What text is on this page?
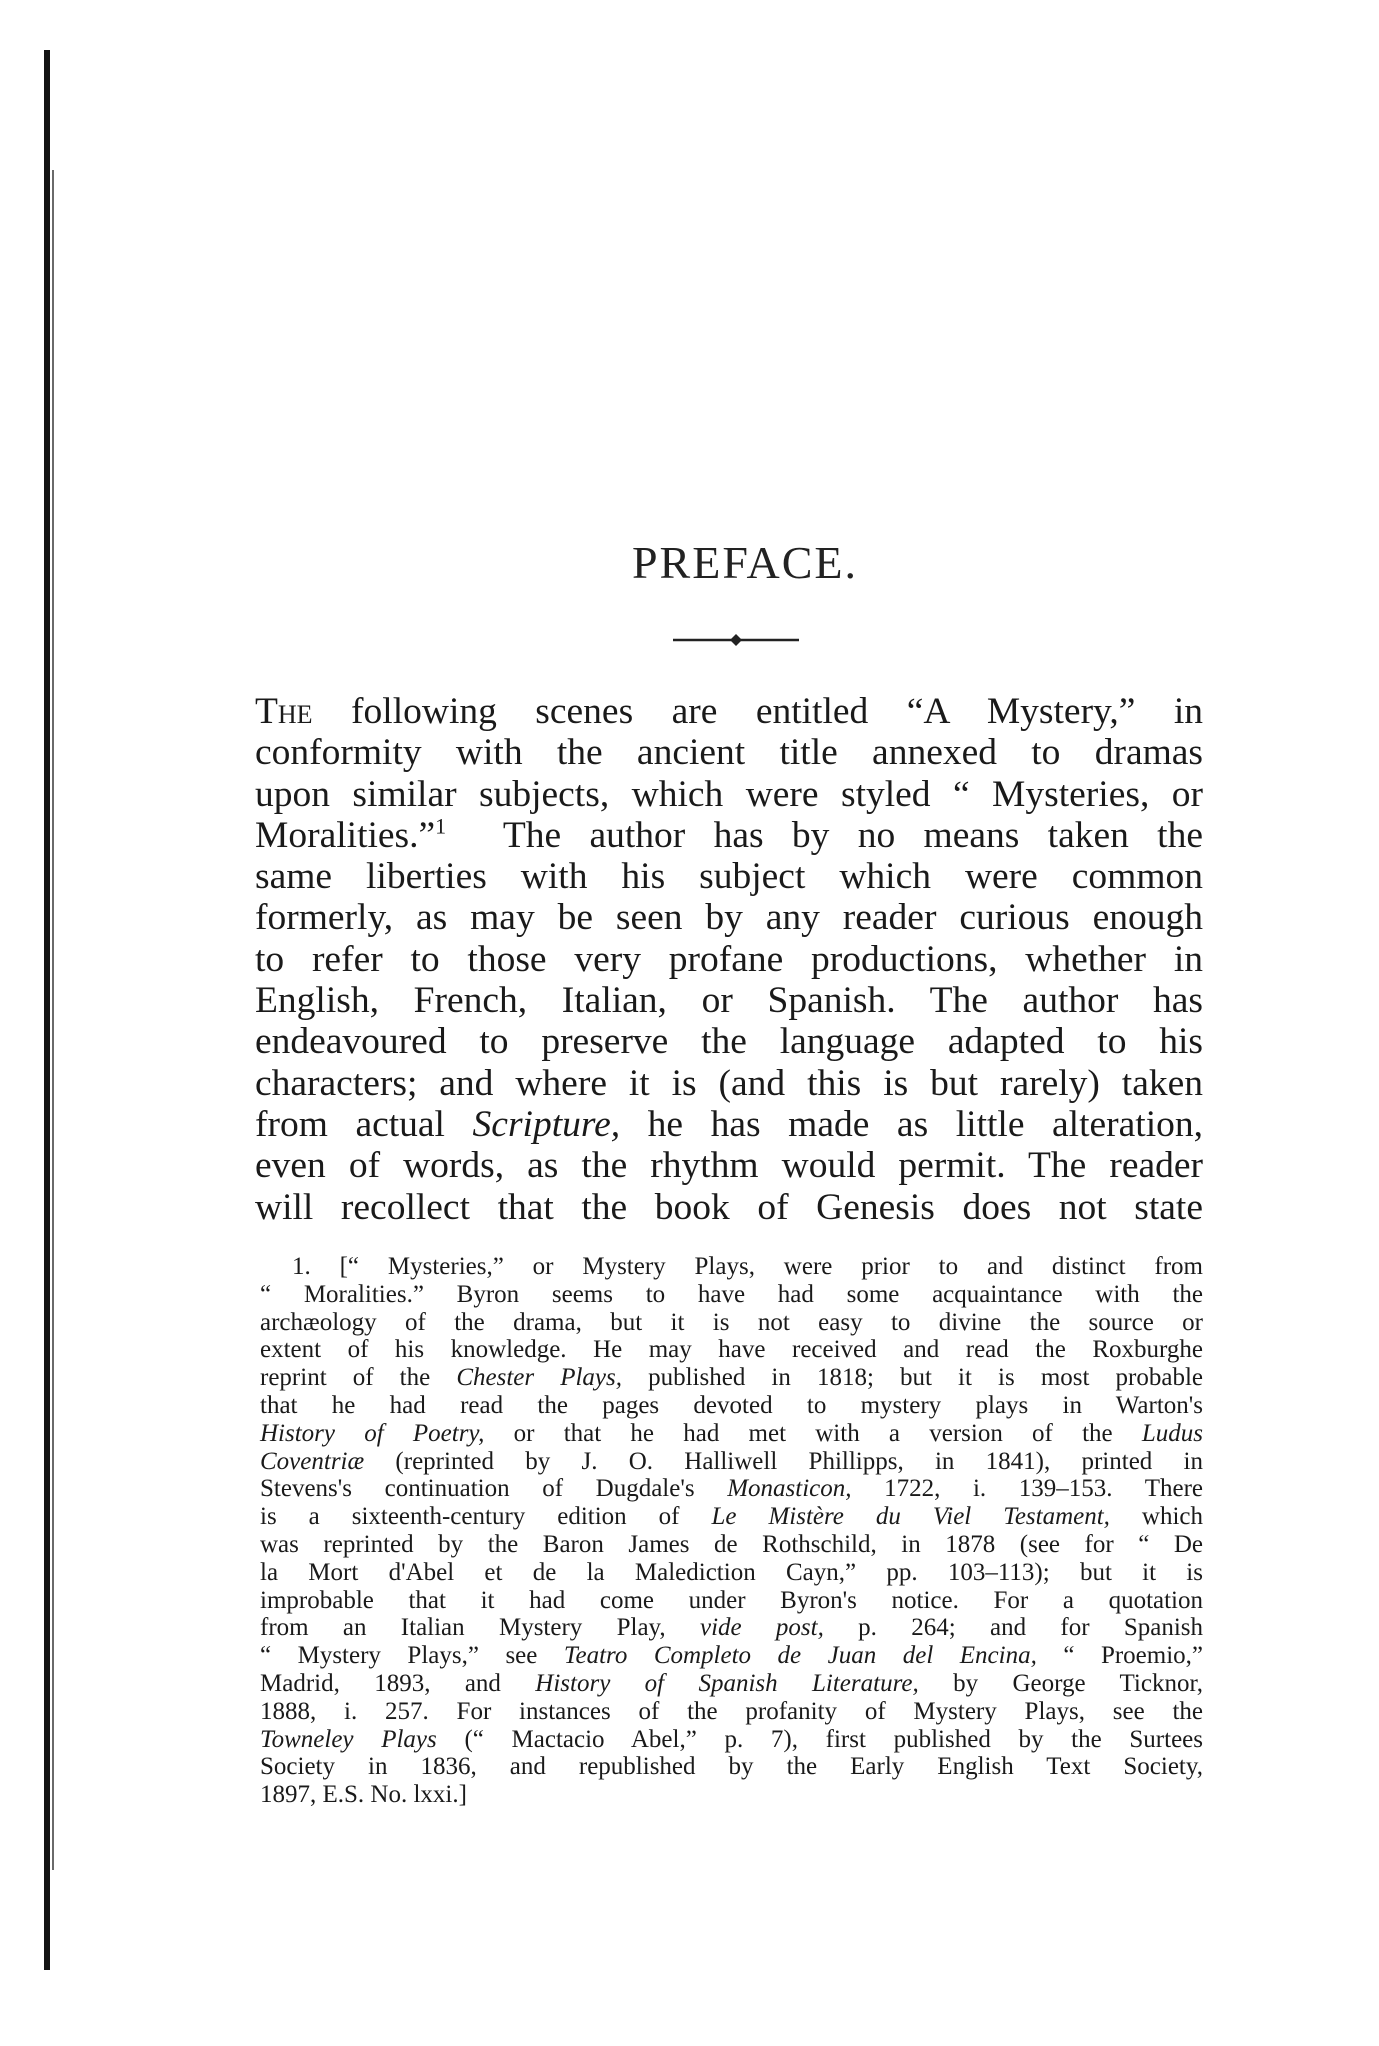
PREFACE.
The following scenes are entitled “A Mystery,” in
conformity with the ancient title annexed to dramas
upon similar subjects, which were styled “ Mysteries, or
Moralities.”$^1$ The author has by no means taken the
same liberties with his subject which were common
formerly, as may be seen by any reader curious enough
to refer to those very profane productions, whether in
English, French, Italian, or Spanish. The author has
endeavoured to preserve the language adapted to his
characters; and where it is (and this is but rarely) taken
from actual Scripture, he has made as little alteration,
even of words, as the rhythm would permit. The reader
will recollect that the book of Genesis does not state
1. [“ Mysteries,” or Mystery Plays, were prior to and distinct from
“ Moralities.” Byron seems to have had some acquaintance with the
archæology of the drama, but it is not easy to divine the source or
extent of his knowledge. He may have received and read the Roxburghe
reprint of the Chester Plays, published in 1818; but it is most probable
that he had read the pages devoted to mystery plays in Warton's
History of Poetry, or that he had met with a version of the Ludus
Coventriæ (reprinted by J. O. Halliwell Phillipps, in 1841), printed in
Stevens's continuation of Dugdale's Monasticon, 1722, i. 139–153. There
is a sixteenth-century edition of Le Mistère du Viel Testament, which
was reprinted by the Baron James de Rothschild, in 1878 (see for “ De
la Mort d'Abel et de la Malediction Cayn,” pp. 103–113); but it is
improbable that it had come under Byron's notice. For a quotation
from an Italian Mystery Play, vide post, p. 264; and for Spanish
“ Mystery Plays,” see Teatro Completo de Juan del Encina, “ Proemio,”
Madrid, 1893, and History of Spanish Literature, by George Ticknor,
1888, i. 257. For instances of the profanity of Mystery Plays, see the
Towneley Plays (“ Mactacio Abel,” p. 7), first published by the Surtees
Society in 1836, and republished by the Early English Text Society,
1897, E.S. No. lxxi.]
